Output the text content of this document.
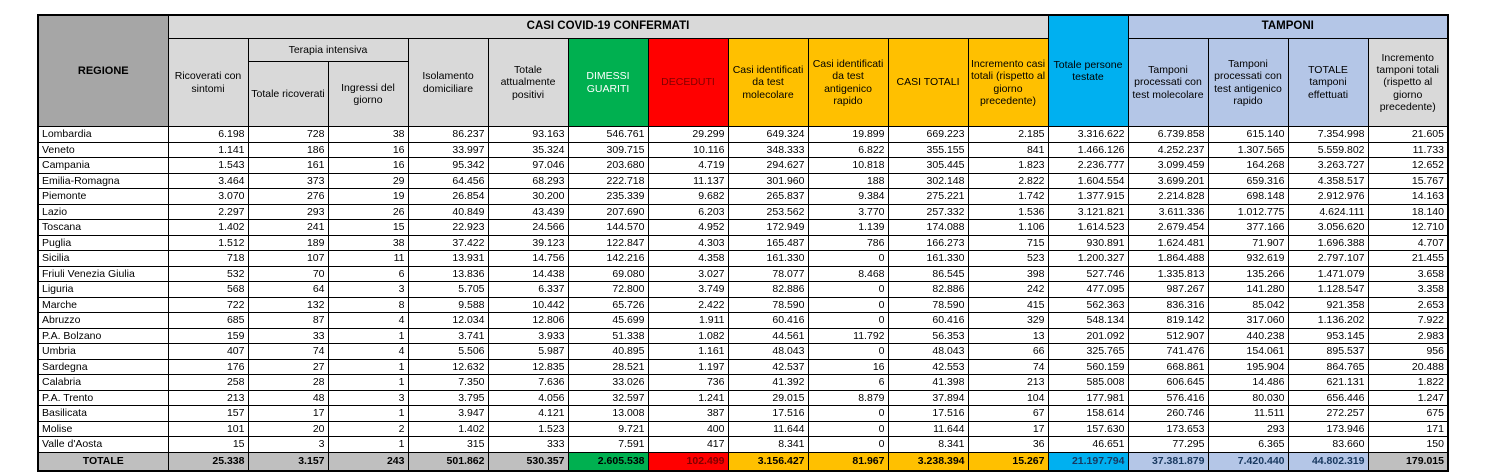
REGIONE	CASI COVID-19 CONFERMATI											Totale persone testate	TAMPONI			
	Ricoverati con sintomi	Terapia intensiva		Isolamento domiciliare	Totale attualmente positivi	DIMESSI GUARITI	DECEDUTI	Casi identificati da test molecolare	Casi identificati da test antigenico rapido	CASI TOTALI	Incremento casi totali (rispetto al giorno precedente)		Tamponi processati con test molecolare	Tamponi processati con test antigenico rapido	TOTALE tamponi effettuati	Incremento tamponi totali (rispetto al giorno precedente)
		Totale ricoverati	Ingressi del giorno													
Lombardia	6.198	728	38	86.237	93.163	546.761	29.299	649.324	19.899	669.223	2.185	3.316.622	6.739.858	615.140	7.354.998	21.605
Veneto	1.141	186	16	33.997	35.324	309.715	10.116	348.333	6.822	355.155	841	1.466.126	4.252.237	1.307.565	5.559.802	11.733
Campania	1.543	161	16	95.342	97.046	203.680	4.719	294.627	10.818	305.445	1.823	2.236.777	3.099.459	164.268	3.263.727	12.652
Emilia-Romagna	3.464	373	29	64.456	68.293	222.718	11.137	301.960	188	302.148	2.822	1.604.554	3.699.201	659.316	4.358.517	15.767
Piemonte	3.070	276	19	26.854	30.200	235.339	9.682	265.837	9.384	275.221	1.742	1.377.915	2.214.828	698.148	2.912.976	14.163
Lazio	2.297	293	26	40.849	43.439	207.690	6.203	253.562	3.770	257.332	1.536	3.121.821	3.611.336	1.012.775	4.624.111	18.140
Toscana	1.402	241	15	22.923	24.566	144.570	4.952	172.949	1.139	174.088	1.106	1.614.523	2.679.454	377.166	3.056.620	12.710
Puglia	1.512	189	38	37.422	39.123	122.847	4.303	165.487	786	166.273	715	930.891	1.624.481	71.907	1.696.388	4.707
Sicilia	718	107	11	13.931	14.756	142.216	4.358	161.330	0	161.330	523	1.200.327	1.864.488	932.619	2.797.107	21.455
Friuli Venezia Giulia	532	70	6	13.836	14.438	69.080	3.027	78.077	8.468	86.545	398	527.746	1.335.813	135.266	1.471.079	3.658
Liguria	568	64	3	5.705	6.337	72.800	3.749	82.886	0	82.886	242	477.095	987.267	141.280	1.128.547	3.358
Marche	722	132	8	9.588	10.442	65.726	2.422	78.590	0	78.590	415	562.363	836.316	85.042	921.358	2.653
Abruzzo	685	87	4	12.034	12.806	45.699	1.911	60.416	0	60.416	329	548.134	819.142	317.060	1.136.202	7.922
P.A. Bolzano	159	33	1	3.741	3.933	51.338	1.082	44.561	11.792	56.353	13	201.092	512.907	440.238	953.145	2.983
Umbria	407	74	4	5.506	5.987	40.895	1.161	48.043	0	48.043	66	325.765	741.476	154.061	895.537	956
Sardegna	176	27	1	12.632	12.835	28.521	1.197	42.537	16	42.553	74	560.159	668.861	195.904	864.765	20.488
Calabria	258	28	1	7.350	7.636	33.026	736	41.392	6	41.398	213	585.008	606.645	14.486	621.131	1.822
P.A. Trento	213	48	3	3.795	4.056	32.597	1.241	29.015	8.879	37.894	104	177.981	576.416	80.030	656.446	1.247
Basilicata	157	17	1	3.947	4.121	13.008	387	17.516	0	17.516	67	158.614	260.746	11.511	272.257	675
Molise	101	20	2	1.402	1.523	9.721	400	11.644	0	11.644	17	157.630	173.653	293	173.946	171
Valle d'Aosta	15	3	1	315	333	7.591	417	8.341	0	8.341	36	46.651	77.295	6.365	83.660	150
TOTALE	25.338	3.157	243	501.862	530.357	2.605.538	102.499	3.156.427	81.967	3.238.394	15.267	21.197.794	37.381.879	7.420.440	44.802.319	179.015
